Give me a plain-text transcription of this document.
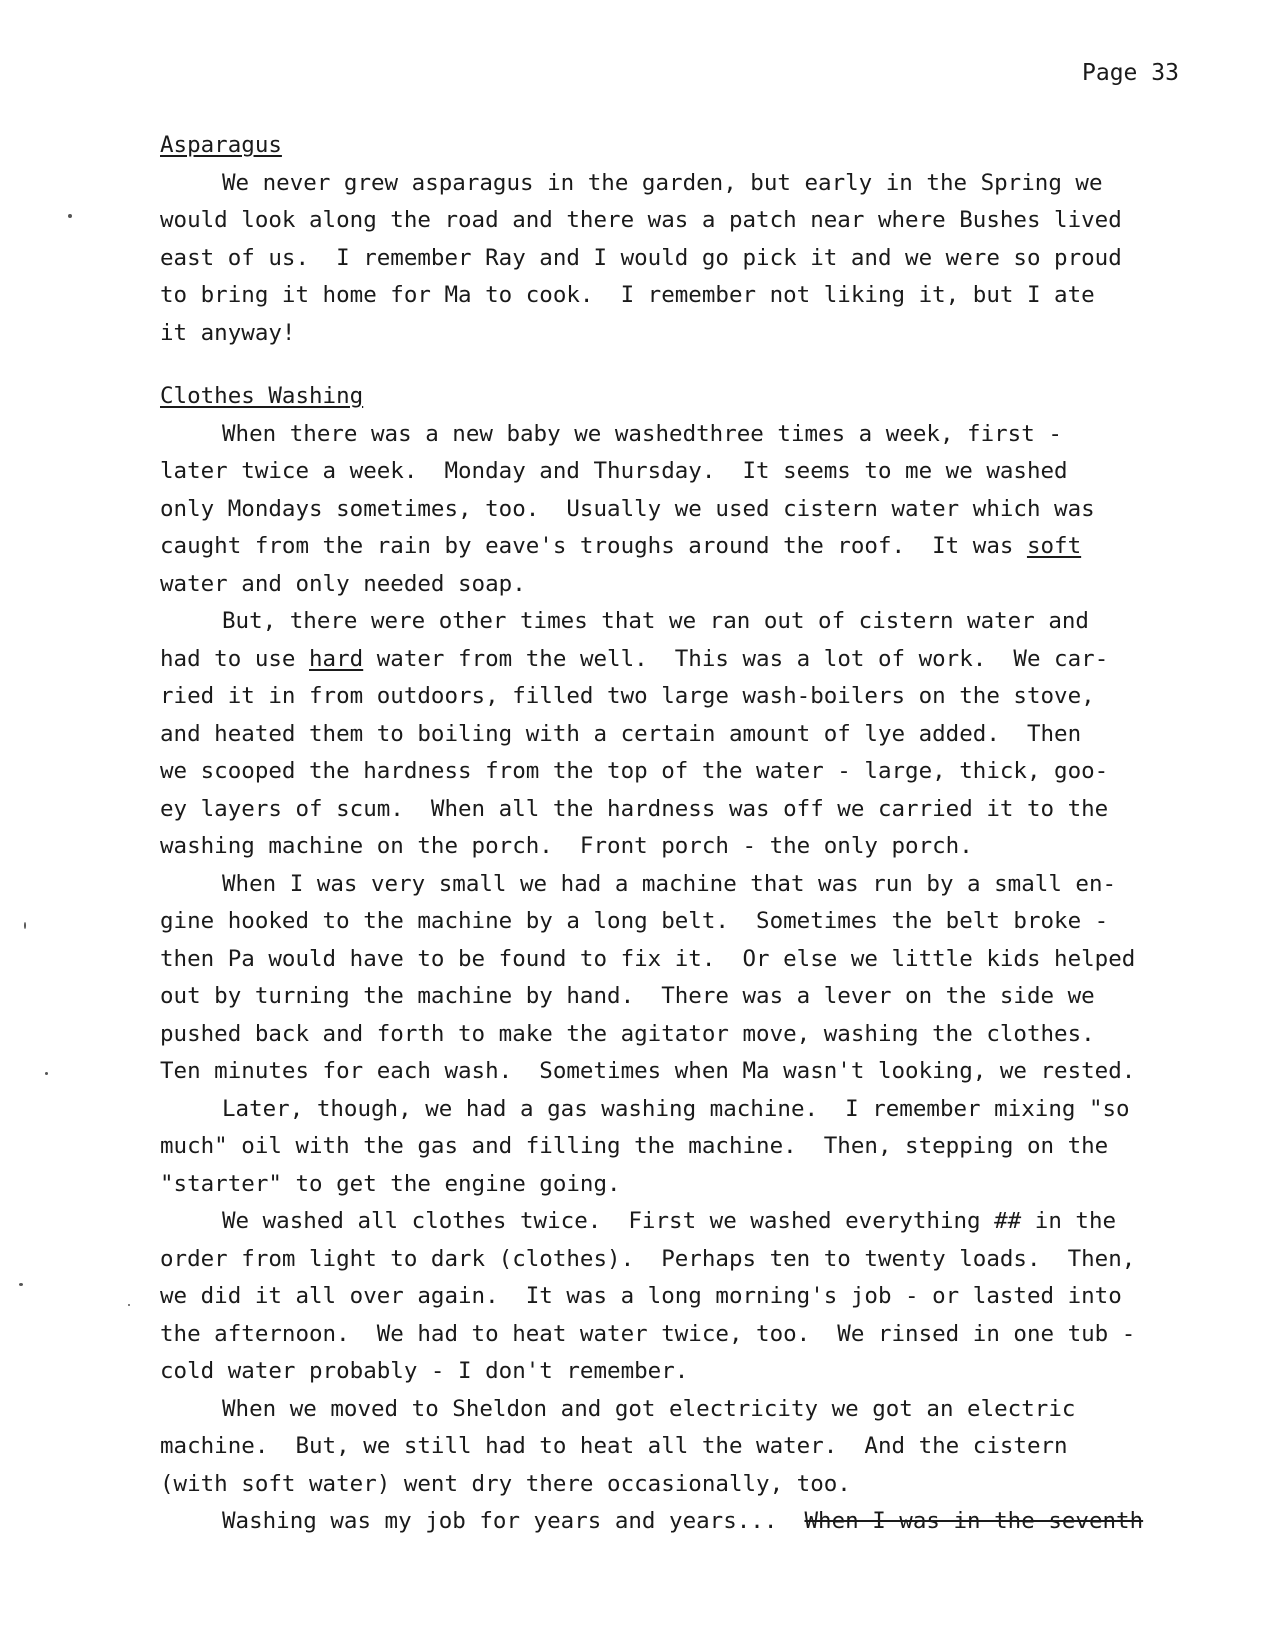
Page 33
Asparagus
We never grew asparagus in the garden, but early in the Spring we
would look along the road and there was a patch near where Bushes lived
east of us.  I remember Ray and I would go pick it and we were so proud
to bring it home for Ma to cook.  I remember not liking it, but I ate
it anyway!
Clothes Washing
When there was a new baby we washedthree times a week, first -
later twice a week.  Monday and Thursday.  It seems to me we washed
only Mondays sometimes, too.  Usually we used cistern water which was
caught from the rain by eave's troughs around the roof.  It was soft
water and only needed soap.
But, there were other times that we ran out of cistern water and
had to use hard water from the well.  This was a lot of work.  We car-
ried it in from outdoors, filled two large wash-boilers on the stove,
and heated them to boiling with a certain amount of lye added.  Then
we scooped the hardness from the top of the water - large, thick, goo-
ey layers of scum.  When all the hardness was off we carried it to the
washing machine on the porch.  Front porch - the only porch.
When I was very small we had a machine that was run by a small en-
gine hooked to the machine by a long belt.  Sometimes the belt broke -
then Pa would have to be found to fix it.  Or else we little kids helped
out by turning the machine by hand.  There was a lever on the side we
pushed back and forth to make the agitator move, washing the clothes.
Ten minutes for each wash.  Sometimes when Ma wasn't looking, we rested.
Later, though, we had a gas washing machine.  I remember mixing "so
much" oil with the gas and filling the machine.  Then, stepping on the
"starter" to get the engine going.
We washed all clothes twice.  First we washed everything ## in the
order from light to dark (clothes).  Perhaps ten to twenty loads.  Then,
we did it all over again.  It was a long morning's job - or lasted into
the afternoon.  We had to heat water twice, too.  We rinsed in one tub -
cold water probably - I don't remember.
When we moved to Sheldon and got electricity we got an electric
machine.  But, we still had to heat all the water.  And the cistern
(with soft water) went dry there occasionally, too.
Washing was my job for years and years...  When I was in the seventh
